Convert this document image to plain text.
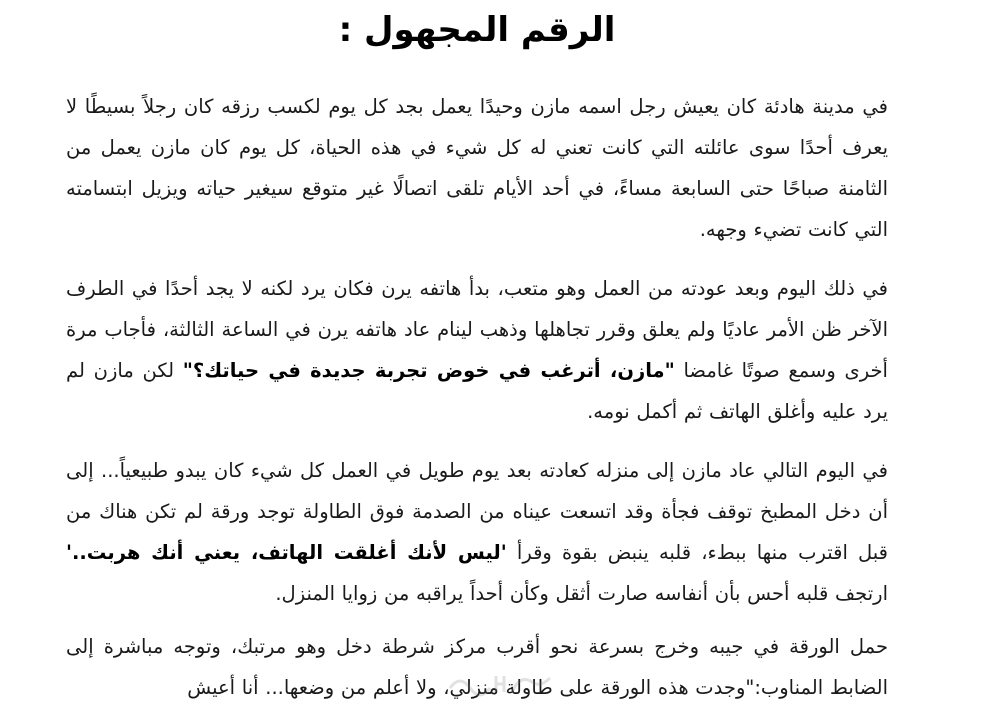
الرقم المجهول :

في مدينة هادئة كان يعيش رجل اسمه مازن وحيدًا يعمل بجد كل يوم لكسب رزقه كان رجلاً بسيطًا لا يعرف أحدًا سوى عائلته التي كانت تعني له كل شيء في هذه الحياة، كل يوم كان مازن يعمل من الثامنة صباحًا حتى السابعة مساءً، في أحد الأيام تلقى اتصالًا غير متوقع سيغير حياته ويزيل ابتسامته التي كانت تضيء وجهه.

في ذلك اليوم وبعد عودته من العمل وهو متعب، بدأ هاتفه يرن فكان يرد لكنه لا يجد أحدًا في الطرف الآخر ظن الأمر عاديًا ولم يعلق وقرر تجاهلها وذهب لينام عاد هاتفه يرن في الساعة الثالثة، فأجاب مرة أخرى وسمع صوتًا غامضا "مازن، أترغب في خوض تجربة جديدة في حياتك؟" لكن مازن لم يرد عليه وأغلق الهاتف ثم أكمل نومه.

في اليوم التالي عاد مازن إلى منزله كعادته بعد يوم طويل في العمل كل شيء كان يبدو طبيعياً... إلى أن دخل المطبخ توقف فجأة وقد اتسعت عيناه من الصدمة فوق الطاولة توجد ورقة لم تكن هناك من قبل اقترب منها ببطء، قلبه ينبض بقوة وقرأ 'ليس لأنك أغلقت الهاتف، يعني أنك هربت..' ارتجف قلبه أحس بأن أنفاسه صارت أثقل وكأن أحداً يراقبه من زوايا المنزل.

حمل الورقة في جيبه وخرج بسرعة نحو أقرب مركز شرطة دخل وهو مرتبك، وتوجه مباشرة إلى الضابط المناوب:"وجدت هذه الورقة على طاولة منزلي، ولا أعلم من وضعها... أنا أعيش
